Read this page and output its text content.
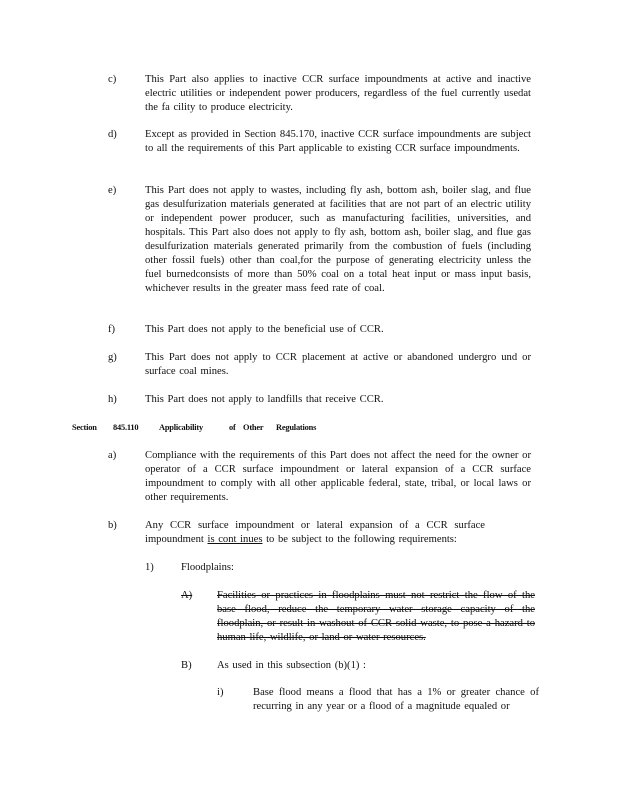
c)	This Part also applies to inactive CCR surface impoundments at active and inactive electric utilities or independent power producers, regardless of the fuel currently usedat the fa cility to produce electricity.
d)	Except as provided in Section 845.170, inactive CCR surface impoundments are subject to all the requirements of this Part applicable to existing CCR surface impoundments.
e)	This Part does not apply to wastes, including fly ash, bottom ash, boiler slag, and flue gas desulfurization materials generated at facilities that are not part of an electric utility or independent power producer, such as manufacturing facilities, universities, and hospitals. This Part also does not apply to fly ash, bottom ash, boiler slag, and flue gas desulfurization materials generated primarily from the combustion of fuels (including other fossil fuels) other than coal,for the purpose of generating electricity unless the fuel burnedconsists of more than 50% coal on a total heat input or mass input basis, whichever results in the greater mass feed rate of coal.
f)	This Part does not apply to the beneficial use of CCR.
g)	This Part does not apply to CCR placement at active or abandoned undergro und or surface coal mines.
h)	This Part does not apply to landfills that receive CCR.
Section 845.110 Applicability	of Other Regulations
a)	Compliance with the requirements of this Part does not affect the need for the owner or operator of a CCR surface impoundment or lateral expansion of a CCR surface impoundment to comply with all other applicable federal, state, tribal, or local laws or other requirements.
b)	Any CCR surface impoundment or lateral expansion of a CCR surface impoundment is cont inues to be subject to the following requirements:
1)	Floodplains:
A) Facilities or practices in floodplains must not restrict the flow of the base flood, reduce the temporary water storage capacity of the floodplain, or result in washout of CCR solid waste, to pose a hazard to human life, wildlife, or land or water resources.
B) As used in this subsection (b)(1) :
i)	Base flood means a flood that has a 1% or greater chance of recurring in any year or a flood of a magnitude equaled or
